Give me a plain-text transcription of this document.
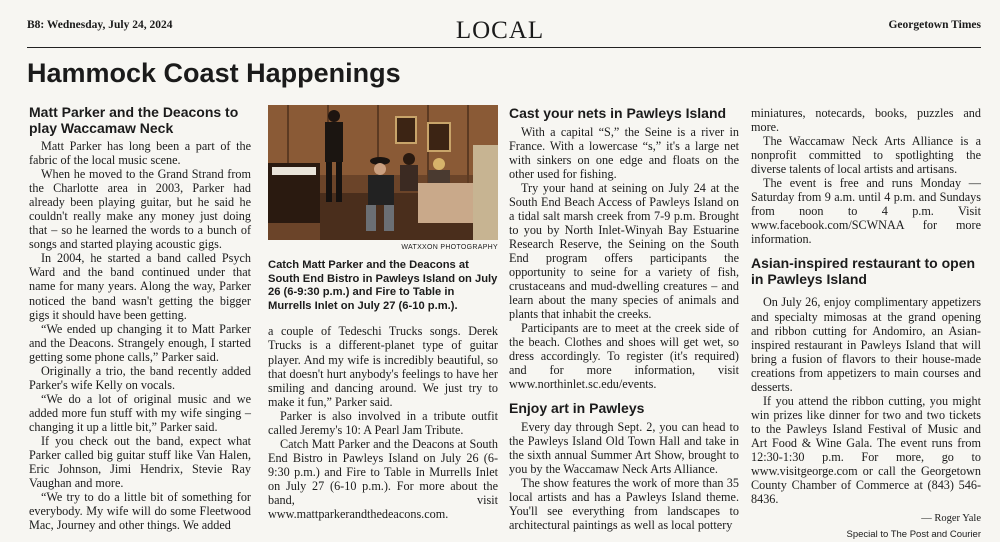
B8: Wednesday, July 24, 2024	LOCAL	Georgetown Times
Hammock Coast Happenings
Matt Parker and the Deacons to play Waccamaw Neck

Matt Parker has long been a part of the fabric of the local music scene.

When he moved to the Grand Strand from the Charlotte area in 2003, Parker had already been playing guitar, but he said he couldn't really make any money just doing that – so he learned the words to a bunch of songs and started playing acoustic gigs.

In 2004, he started a band called Psych Ward and the band continued under that name for many years. Along the way, Parker noticed the band wasn't getting the bigger gigs it should have been getting.

“We ended up changing it to Matt Parker and the Deacons. Strangely enough, I started getting some phone calls,” Parker said.

Originally a trio, the band recently added Parker's wife Kelly on vocals.

“We do a lot of original music and we added more fun stuff with my wife singing – changing it up a little bit,” Parker said.

If you check out the band, expect what Parker called big guitar stuff like Van Halen, Eric Johnson, Jimi Hendrix, Stevie Ray Vaughan and more.

“We try to do a little bit of something for everybody. My wife will do some Fleetwood Mac, Journey and other things. We added

WATXXON PHOTOGRAPHY
Catch Matt Parker and the Deacons at South End Bistro in Pawleys Island on July 26 (6-9:30 p.m.) and Fire to Table in Murrells Inlet on July 27 (6-10 p.m.).

a couple of Tedeschi Trucks songs. Derek Trucks is a different-planet type of guitar player. And my wife is incredibly beautiful, so that doesn't hurt anybody's feelings to have her smiling and dancing around. We just try to make it fun,” Parker said.

Parker is also involved in a tribute outfit called Jeremy's 10: A Pearl Jam Tribute.

Catch Matt Parker and the Deacons at South End Bistro in Pawleys Island on July 26 (6-9:30 p.m.) and Fire to Table in Murrells Inlet on July 27 (6-10 p.m.). For more about the band, visit www.mattparkerandthedeacons.com.

Cast your nets in Pawleys Island

With a capital “S,” the Seine is a river in France. With a lowercase “s,” it's a large net with sinkers on one edge and floats on the other used for fishing.

Try your hand at seining on July 24 at the South End Beach Access of Pawleys Island on a tidal salt marsh creek from 7-9 p.m. Brought to you by North Inlet-Winyah Bay Estuarine Research Reserve, the Seining on the South End program offers participants the opportunity to seine for a variety of fish, crustaceans and mud-dwelling creatures – and learn about the many species of animals and plants that inhabit the creeks.

Participants are to meet at the creek side of the beach. Clothes and shoes will get wet, so dress accordingly. To register (it's required) and for more information, visit www.northinlet.sc.edu/events.

Enjoy art in Pawleys

Every day through Sept. 2, you can head to the Pawleys Island Old Town Hall and take in the sixth annual Summer Art Show, brought to you by the Waccamaw Neck Arts Alliance.

The show features the work of more than 35 local artists and has a Pawleys Island theme. You'll see everything from landscapes to architectural paintings as well as local pottery

miniatures, notecards, books, puzzles and more.

The Waccamaw Neck Arts Alliance is a nonprofit committed to spotlighting the diverse talents of local artists and artisans.

The event is free and runs Monday — Saturday from 9 a.m. until 4 p.m. and Sundays from noon to 4 p.m. Visit www.facebook.com/SCWNAA for more information.

Asian-inspired restaurant to open in Pawleys Island

On July 26, enjoy complimentary appetizers and specialty mimosas at the grand opening and ribbon cutting for Andomiro, an Asian-inspired restaurant in Pawleys Island that will bring a fusion of flavors to their house-made creations from appetizers to main courses and desserts.

If you attend the ribbon cutting, you might win prizes like dinner for two and two tickets to the Pawleys Island Festival of Music and Art Food & Wine Gala. The event runs from 12:30-1:30 p.m. For more, go to www.visitgeorge.com or call the Georgetown County Chamber of Commerce at (843) 546-8436.

— Roger Yale
Special to The Post and Courier
